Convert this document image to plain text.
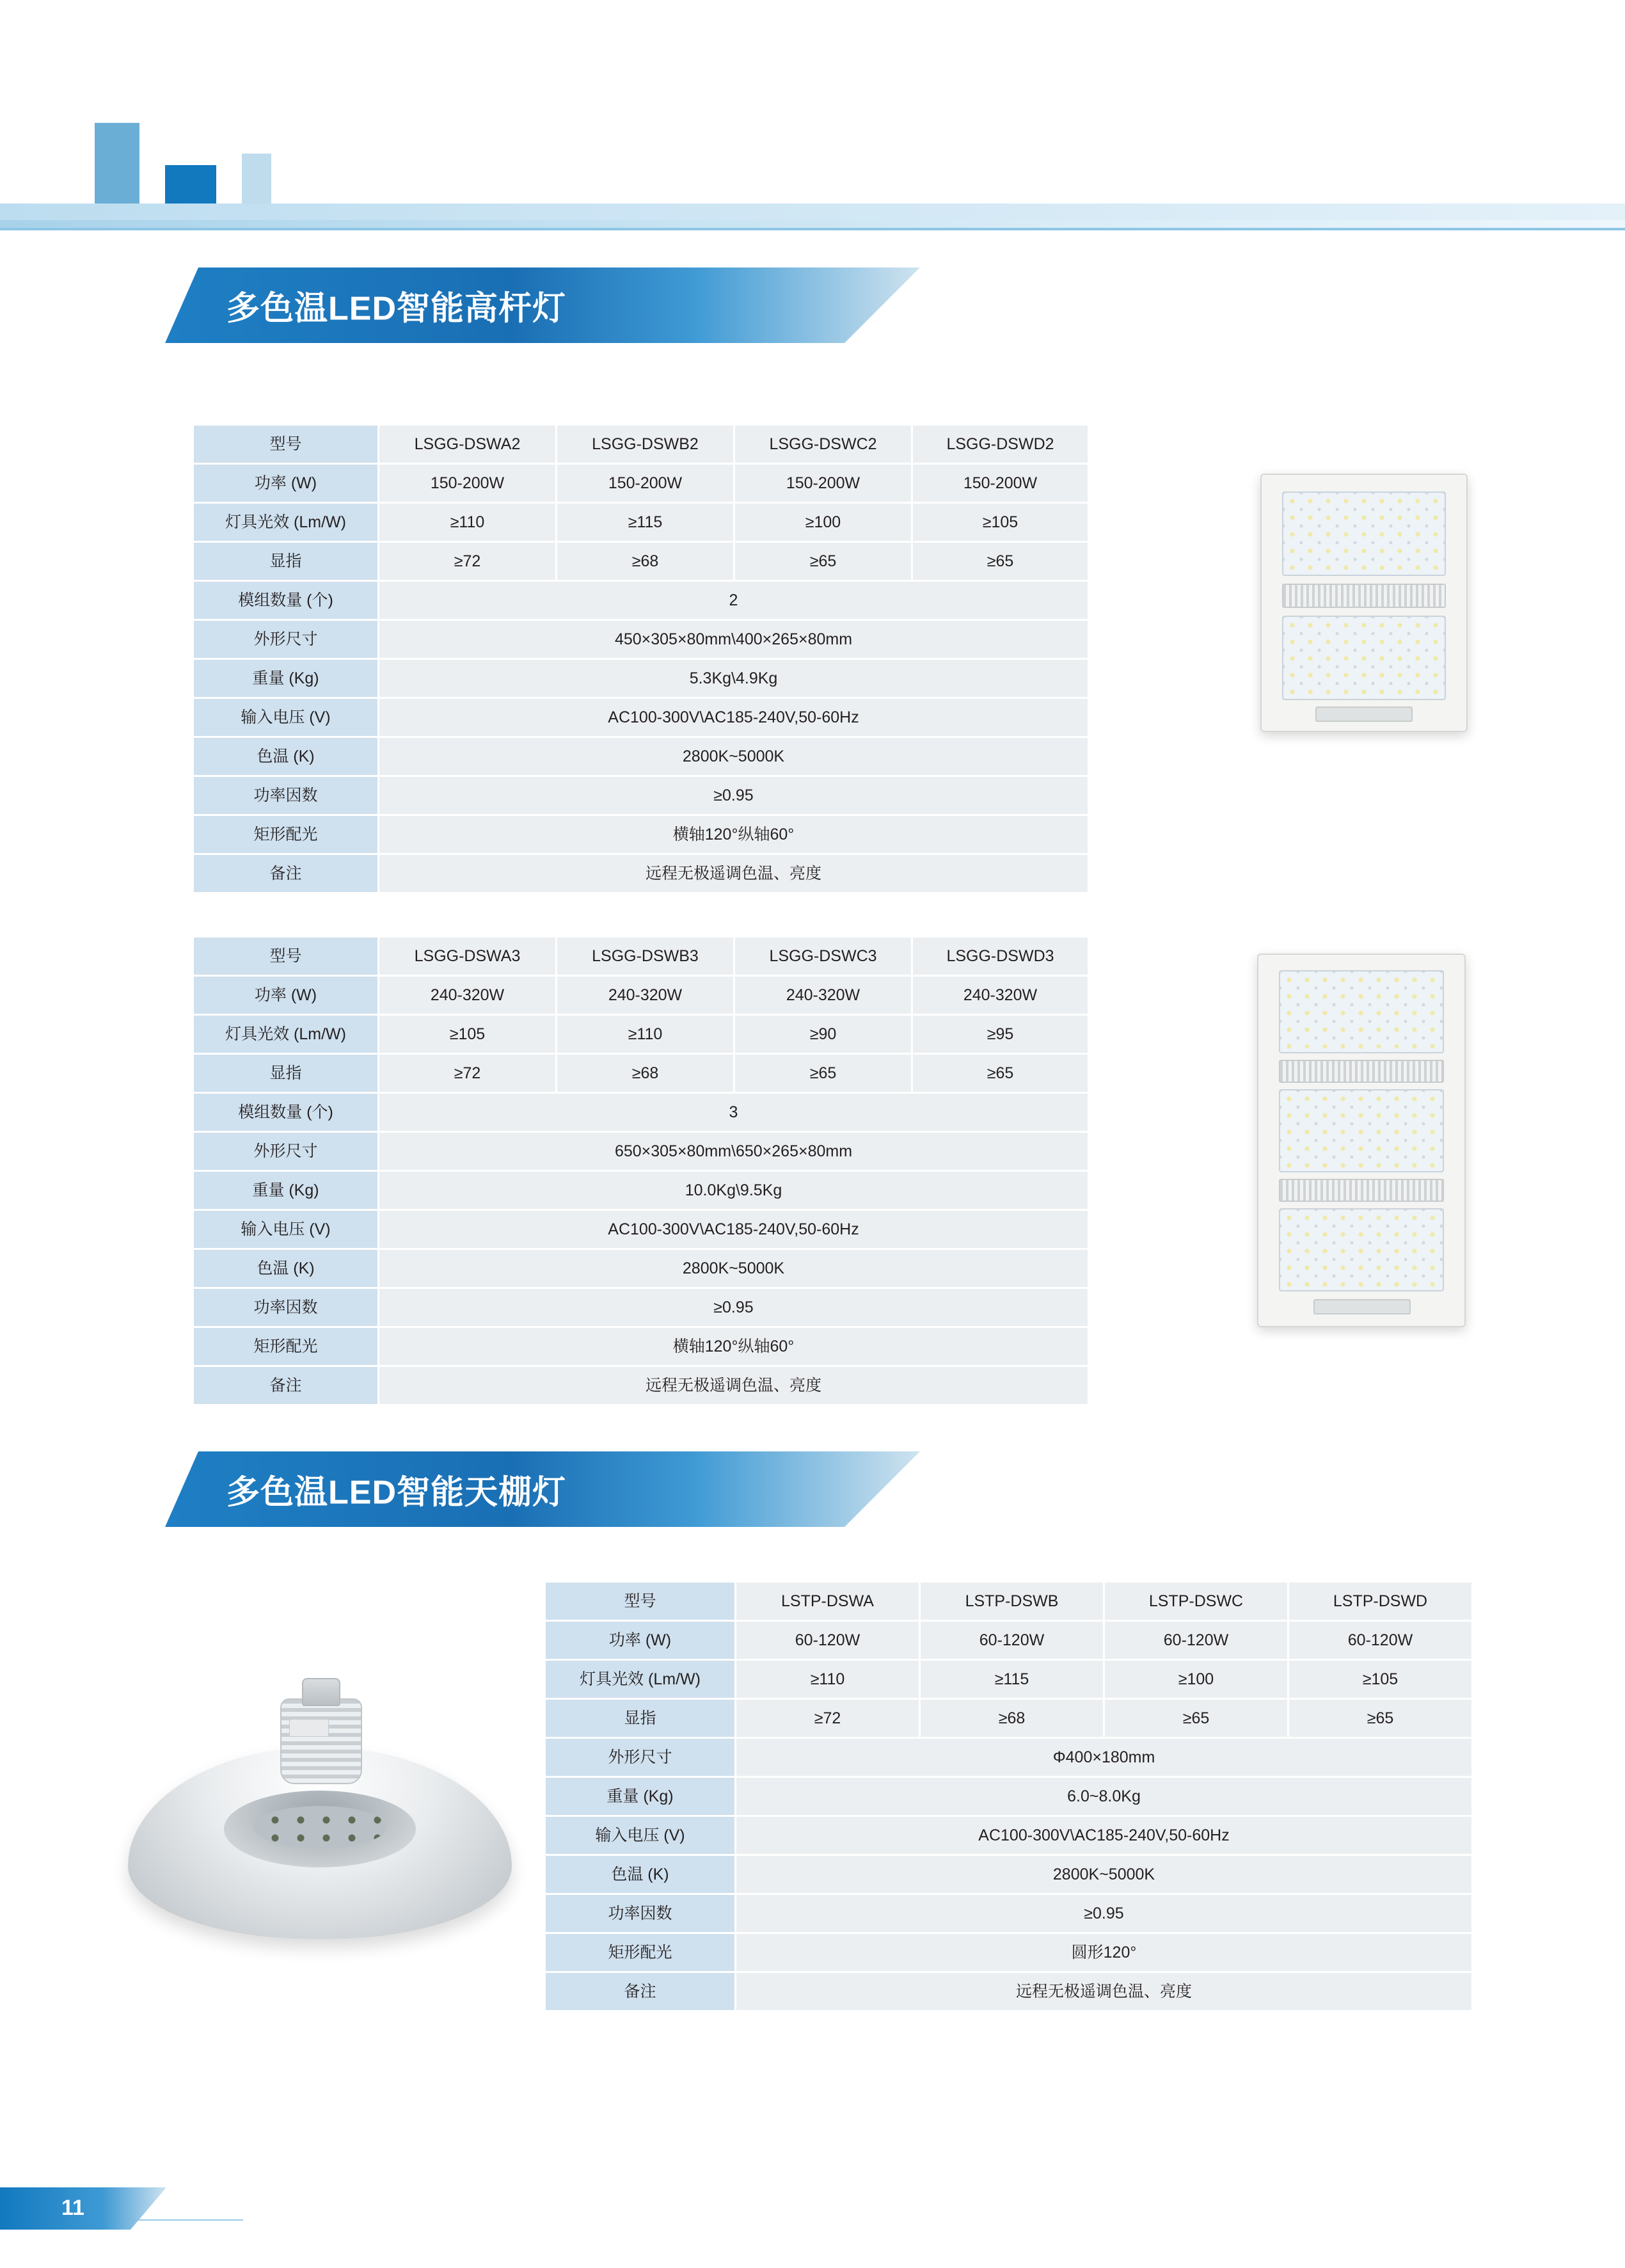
多色温LED智能高杆灯
型号	LSGG-DSWA2	LSGG-DSWB2	LSGG-DSWC2	LSGG-DSWD2
功率 (W)	150-200W	150-200W	150-200W	150-200W
灯具光效 (Lm/W)	≥110	≥115	≥100	≥105
显指	≥72	≥68	≥65	≥65
模组数量 (个)	2			
外形尺寸	450×305×80mm\400×265×80mm			
重量 (Kg)	5.3Kg\4.9Kg			
输入电压 (V)	AC100-300V\AC185-240V,50-60Hz			
色温 (K)	2800K~5000K			
功率因数	≥0.95			
矩形配光	横轴120°纵轴60°			
备注	远程无极遥调色温、亮度			
型号	LSGG-DSWA3	LSGG-DSWB3	LSGG-DSWC3	LSGG-DSWD3
功率 (W)	240-320W	240-320W	240-320W	240-320W
灯具光效 (Lm/W)	≥105	≥110	≥90	≥95
显指	≥72	≥68	≥65	≥65
模组数量 (个)	3			
外形尺寸	650×305×80mm\650×265×80mm			
重量 (Kg)	10.0Kg\9.5Kg			
输入电压 (V)	AC100-300V\AC185-240V,50-60Hz			
色温 (K)	2800K~5000K			
功率因数	≥0.95			
矩形配光	横轴120°纵轴60°			
备注	远程无极遥调色温、亮度			
多色温LED智能天棚灯
型号	LSTP-DSWA	LSTP-DSWB	LSTP-DSWC	LSTP-DSWD
功率 (W)	60-120W	60-120W	60-120W	60-120W
灯具光效 (Lm/W)	≥110	≥115	≥100	≥105
显指	≥72	≥68	≥65	≥65
外形尺寸	Φ400×180mm			
重量 (Kg)	6.0~8.0Kg			
输入电压 (V)	AC100-300V\AC185-240V,50-60Hz			
色温 (K)	2800K~5000K			
功率因数	≥0.95			
矩形配光	圆形120°			
备注	远程无极遥调色温、亮度			
11
